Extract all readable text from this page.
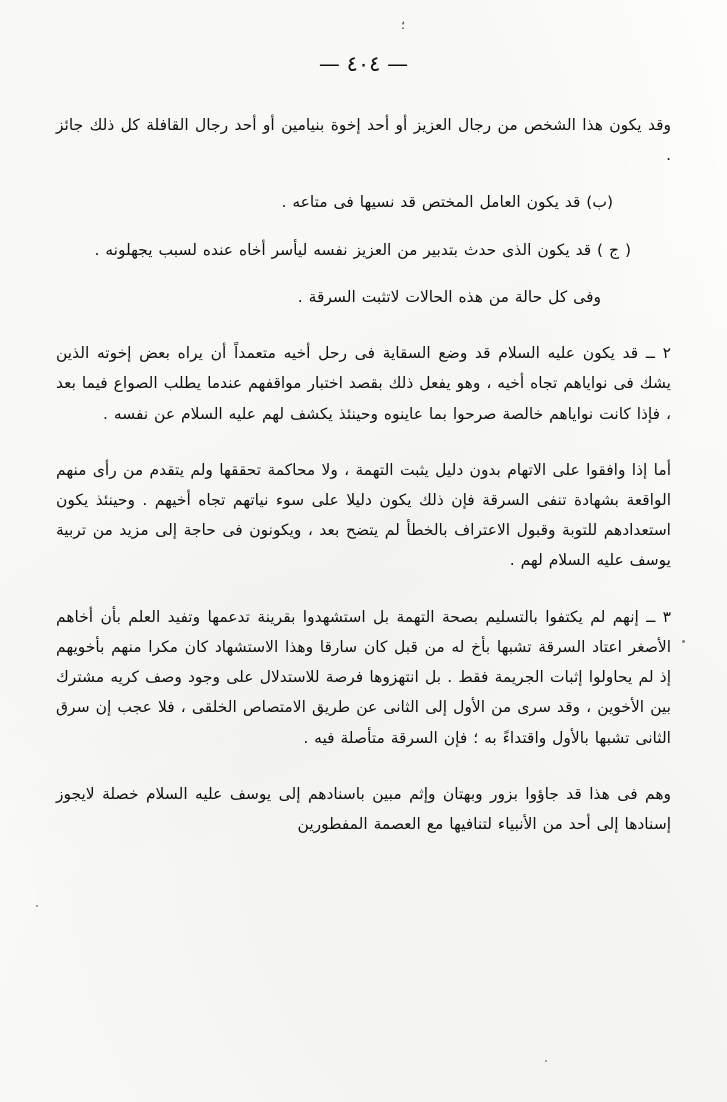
؛
— ٤٠٤ —

وقد يكون هذا الشخص من رجال العزيز أو أحد إخوة بنيامين أو أحد رجال القافلة كل ذلك جائز .

(ب) قد يكون العامل المختص قد نسيها فى متاعه .

( ج ) قد يكون الذى حدث بتدبير من العزيز نفسه ليأسر أخاه عنده لسبب يجهلونه .

وفى كل حالة من هذه الحالات لاتثبت السرقة .

٢ ــ قد يكون عليه السلام قد وضع السقاية فى رحل أخيه متعمداً أن يراه بعض إخوته الذين يشك فى نواياهم تجاه أخيه ، وهو يفعل ذلك بقصد اختبار مواقفهم عندما يطلب الصواع فيما بعد ، فإذا كانت نواياهم خالصة صرحوا بما عاينوه وحينئذ يكشف لهم عليه السلام عن نفسه .

أما إذا وافقوا على الاتهام بدون دليل يثبت التهمة ، ولا محاكمة تحققها ولم يتقدم من رأى منهم الواقعة بشهادة تنفى السرقة فإن ذلك يكون دليلا على سوء نياتهم تجاه أخيهم . وحينئذ يكون استعدادهم للتوبة وقبول الاعتراف بالخطأ لم يتضح بعد ، ويكونون فى حاجة إلى مزيد من تربية يوسف عليه السلام لهم .

٣ ــ إنهم لم يكتفوا بالتسليم بصحة التهمة بل استشهدوا بقرينة تدعمها وتفيد العلم بأن أخاهم الأصغر اعتاد السرقة تشبها بأخ له من قبل كان سارقا وهذا الاستشهاد كان مكرا منهم بأخويهم إذ لم يحاولوا إثبات الجريمة فقط . بل انتهزوها فرصة للاستدلال على وجود وصف كريه مشترك بين الأخوين ، وقد سرى من الأول إلى الثانى عن طريق الامتصاص الخلقى ، فلا عجب إن سرق الثانى تشبها بالأول واقتداءً به ؛ فإن السرقة متأصلة فيه .

وهم فى هذا قد جاؤوا بزور وبهتان وإثم مبين باسنادهم إلى يوسف عليه السلام خصلة لايجوز إسنادها إلى أحد من الأنبياء لتنافيها مع العصمة المفطورين
